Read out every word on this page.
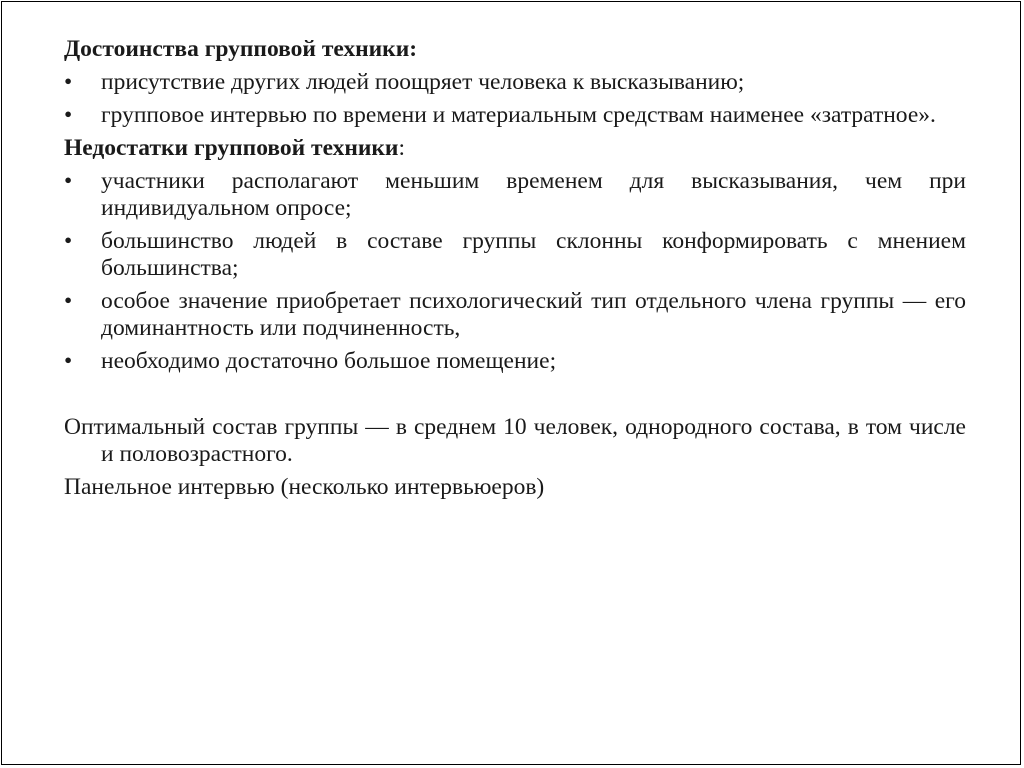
Достоинства групповой техники:
• присутствие других людей поощряет человека к высказыванию;
• групповое интервью по времени и материальным средствам наименее «затратное».
Недостатки групповой техники:
• участники располагают меньшим временем для высказывания, чем при индивидуальном опросе;
• большинство людей в составе группы склонны конформировать с мнением большинства;
• особое значение приобретает психологический тип отдельного члена группы — его доминантность или подчиненность,
• необходимо достаточно большое помещение;
Оптимальный состав группы — в среднем 10 человек, однородного состава, в том числе и половозрастного.
Панельное интервью (несколько интервьюеров)
